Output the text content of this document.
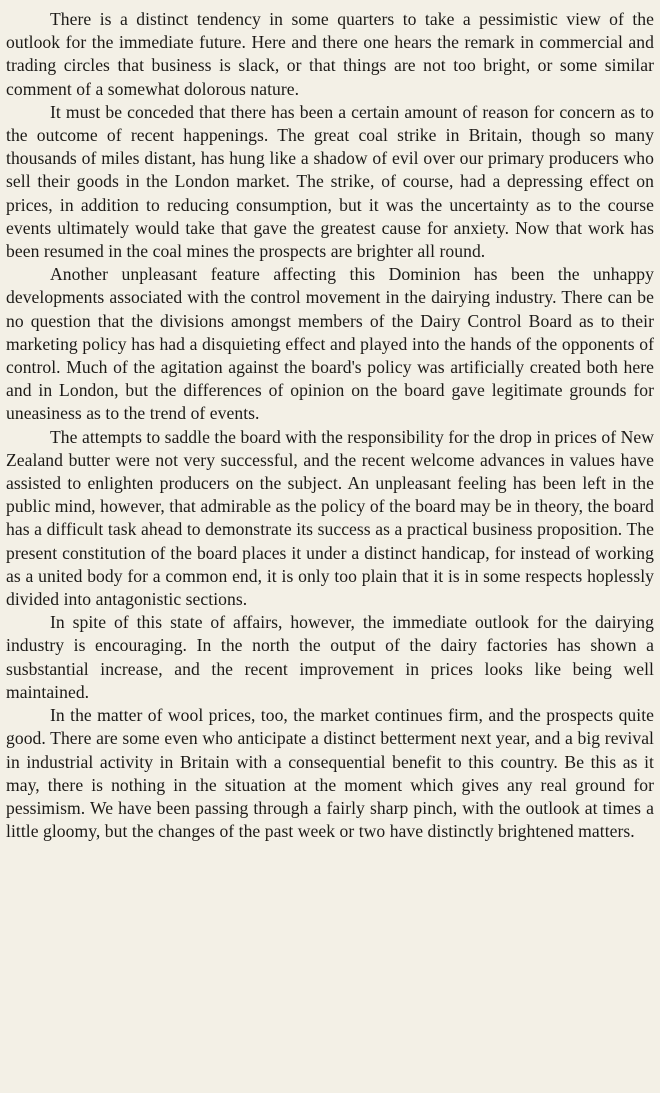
There is a distinct tendency in some quarters to take a pessimistic view of the outlook for the immediate future. Here and there one hears the remark in commercial and trading circles that business is slack, or that things are not too bright, or some similar comment of a somewhat dolorous nature.

It must be conceded that there has been a certain amount of reason for concern as to the outcome of recent happenings. The great coal strike in Britain, though so many thousands of miles distant, has hung like a shadow of evil over our primary producers who sell their goods in the London market. The strike, of course, had a depressing effect on prices, in addition to reducing consumption, but it was the uncertainty as to the course events ultimately would take that gave the greatest cause for anxiety. Now that work has been resumed in the coal mines the prospects are brighter all round.

Another unpleasant feature affecting this Dominion has been the unhappy developments associated with the control movement in the dairying industry. There can be no question that the divisions amongst members of the Dairy Control Board as to their marketing policy has had a disquieting effect and played into the hands of the opponents of control. Much of the agitation against the board's policy was artificially created both here and in London, but the differences of opinion on the board gave legitimate grounds for uneasiness as to the trend of events.

The attempts to saddle the board with the responsibility for the drop in prices of New Zealand butter were not very successful, and the recent welcome advances in values have assisted to enlighten producers on the subject. An unpleasant feeling has been left in the public mind, however, that admirable as the policy of the board may be in theory, the board has a difficult task ahead to demonstrate its success as a practical business proposition. The present constitution of the board places it under a distinct handicap, for instead of working as a united body for a common end, it is only too plain that it is in some respects hoplessly divided into antagonistic sections.

In spite of this state of affairs, however, the immediate outlook for the dairying industry is encouraging. In the north the output of the dairy factories has shown a susbstantial increase, and the recent improvement in prices looks like being well maintained.

In the matter of wool prices, too, the market continues firm, and the prospects quite good. There are some even who anticipate a distinct betterment next year, and a big revival in industrial activity in Britain with a consequential benefit to this country. Be this as it may, there is nothing in the situation at the moment which gives any real ground for pessimism. We have been passing through a fairly sharp pinch, with the outlook at times a little gloomy, but the changes of the past week or two have distinctly brightened matters.
